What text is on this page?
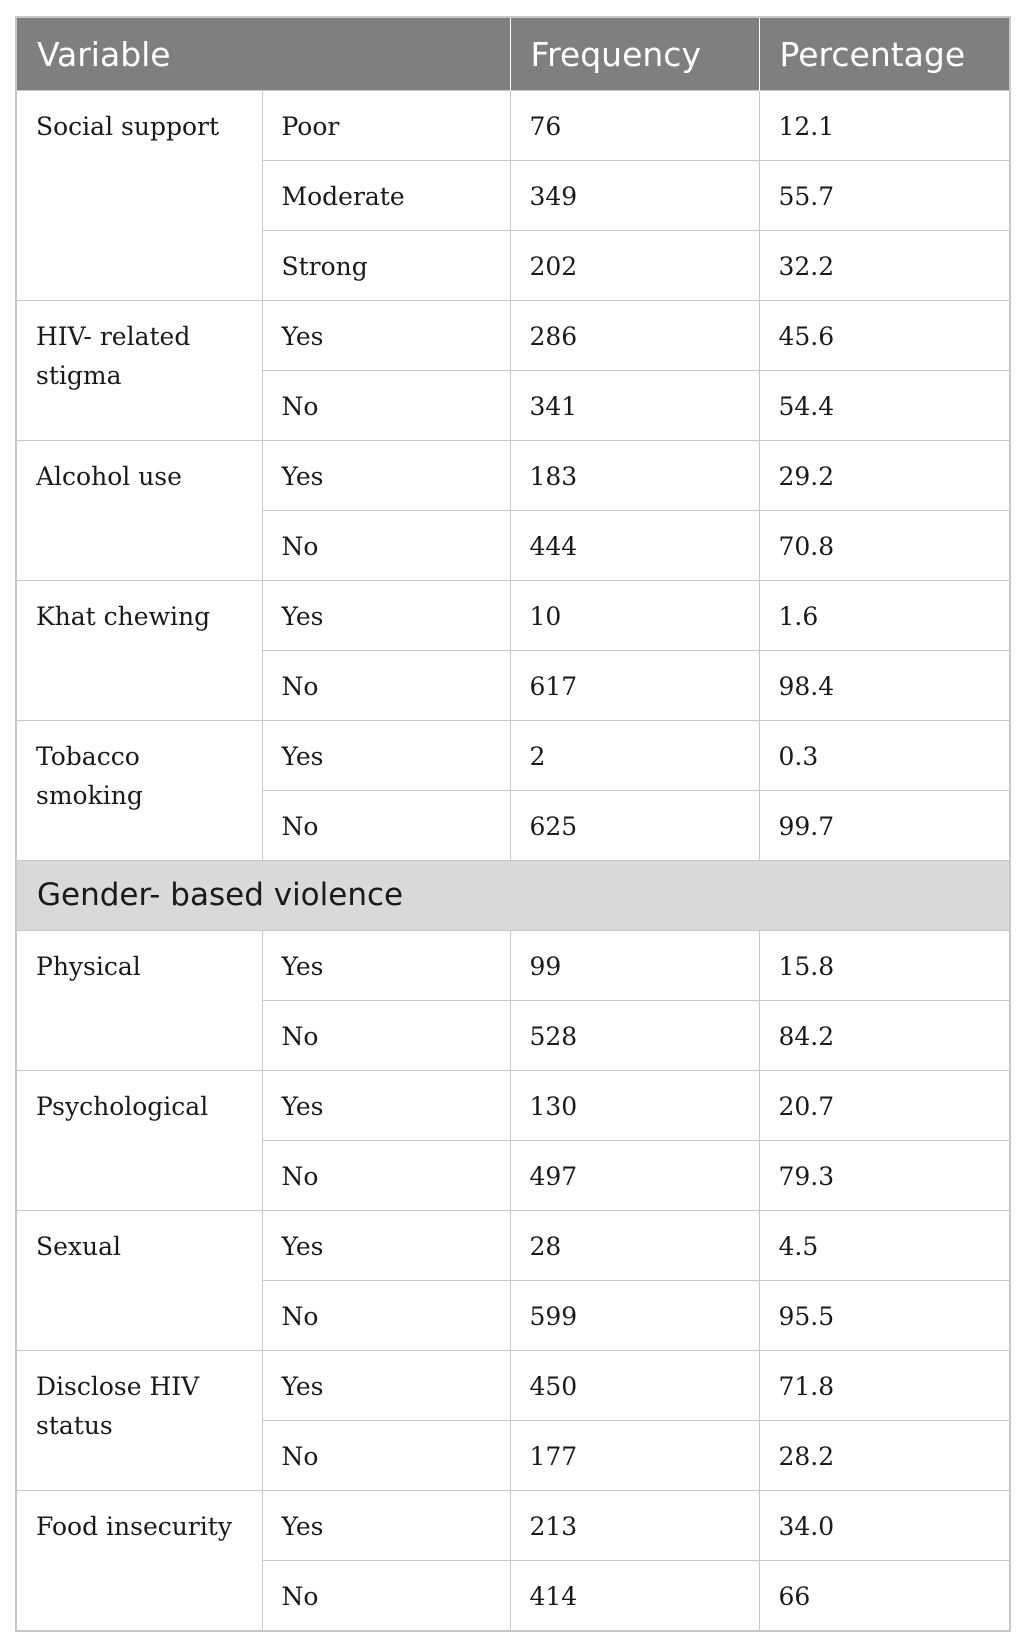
Variable		Frequency	Percentage
Social support	Poor	76	12.1
	Moderate	349	55.7
	Strong	202	32.2
HIV- related stigma	Yes	286	45.6
	No	341	54.4
Alcohol use	Yes	183	29.2
	No	444	70.8
Khat chewing	Yes	10	1.6
	No	617	98.4
Tobacco smoking	Yes	2	0.3
	No	625	99.7
Gender- based violence			
Physical	Yes	99	15.8
	No	528	84.2
Psychological	Yes	130	20.7
	No	497	79.3
Sexual	Yes	28	4.5
	No	599	95.5
Disclose HIV status	Yes	450	71.8
	No	177	28.2
Food insecurity	Yes	213	34.0
	No	414	66
